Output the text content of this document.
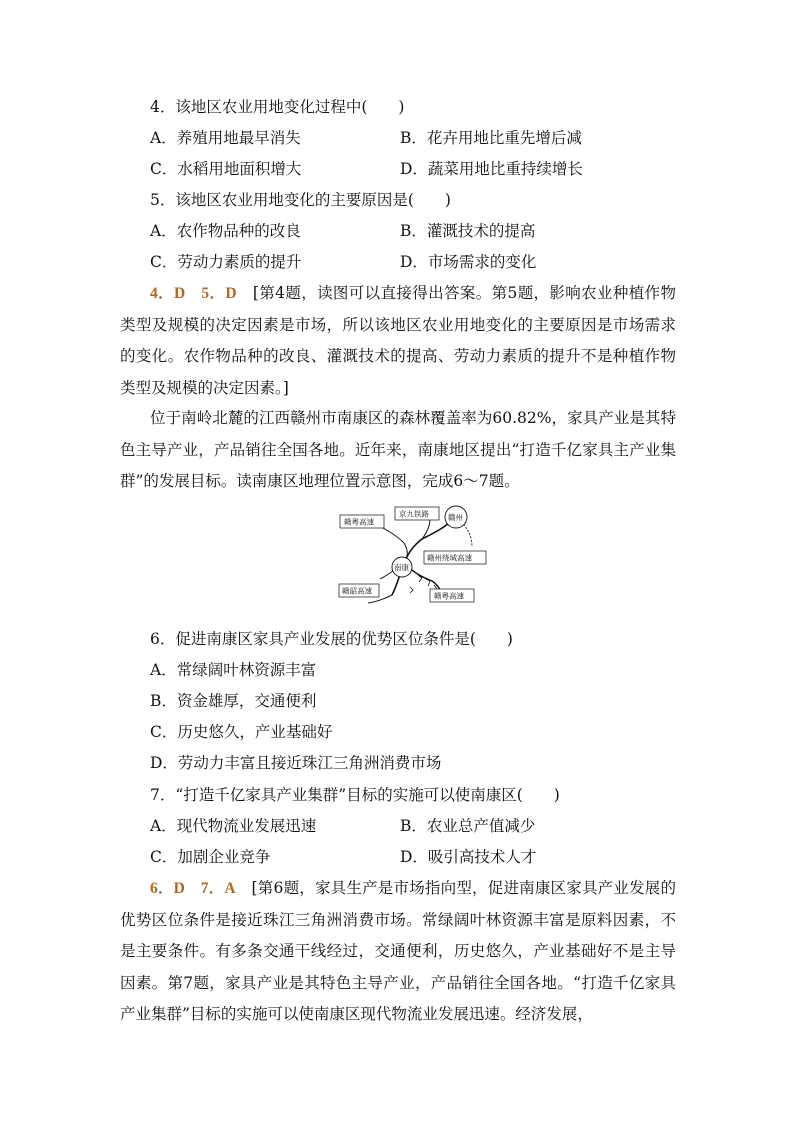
4．该地区农业用地变化过程中(　　)
A．养殖用地最早消失	B．花卉用地比重先增后减
C．水稻用地面积增大	D．蔬菜用地比重持续增长
5．该地区农业用地变化的主要原因是(　　)
A．农作物品种的改良	B．灌溉技术的提高
C．劳动力素质的提升	D．市场需求的变化
4．D　5．D　 [第4题，读图可以直接得出答案。第5题，影响农业种植作物类型及规模的决定因素是市场，所以该地区农业用地变化的主要原因是市场需求的变化。农作物品种的改良、灌溉技术的提高、劳动力素质的提升不是种植作物类型及规模的决定因素。]
位于南岭北麓的江西赣州市南康区的森林覆盖率为60.82%，家具产业是其特色主导产业，产品销往全国各地。近年来，南康地区提出“打造千亿家具主产业集群”的发展目标。读南康区地理位置示意图，完成6～7题。
赣粤高速
京九铁路	赣州
赣州绕城高速
南康
赣韶高速
赣粤高速
6．促进南康区家具产业发展的优势区位条件是(　　)
A．常绿阔叶林资源丰富
B．资金雄厚，交通便利
C．历史悠久，产业基础好
D．劳动力丰富且接近珠江三角洲消费市场
7．“打造千亿家具产业集群”目标的实施可以使南康区(　　)
A．现代物流业发展迅速	B．农业总产值减少
C．加剧企业竞争	D．吸引高技术人才
6．D　7．A　 [第6题，家具生产是市场指向型，促进南康区家具产业发展的优势区位条件是接近珠江三角洲消费市场。常绿阔叶林资源丰富是原料因素，不是主要条件。有多条交通干线经过，交通便利，历史悠久，产业基础好不是主导因素。第7题，家具产业是其特色主导产业，产品销往全国各地。“打造千亿家具产业集群”目标的实施可以使南康区现代物流业发展迅速。经济发展，
